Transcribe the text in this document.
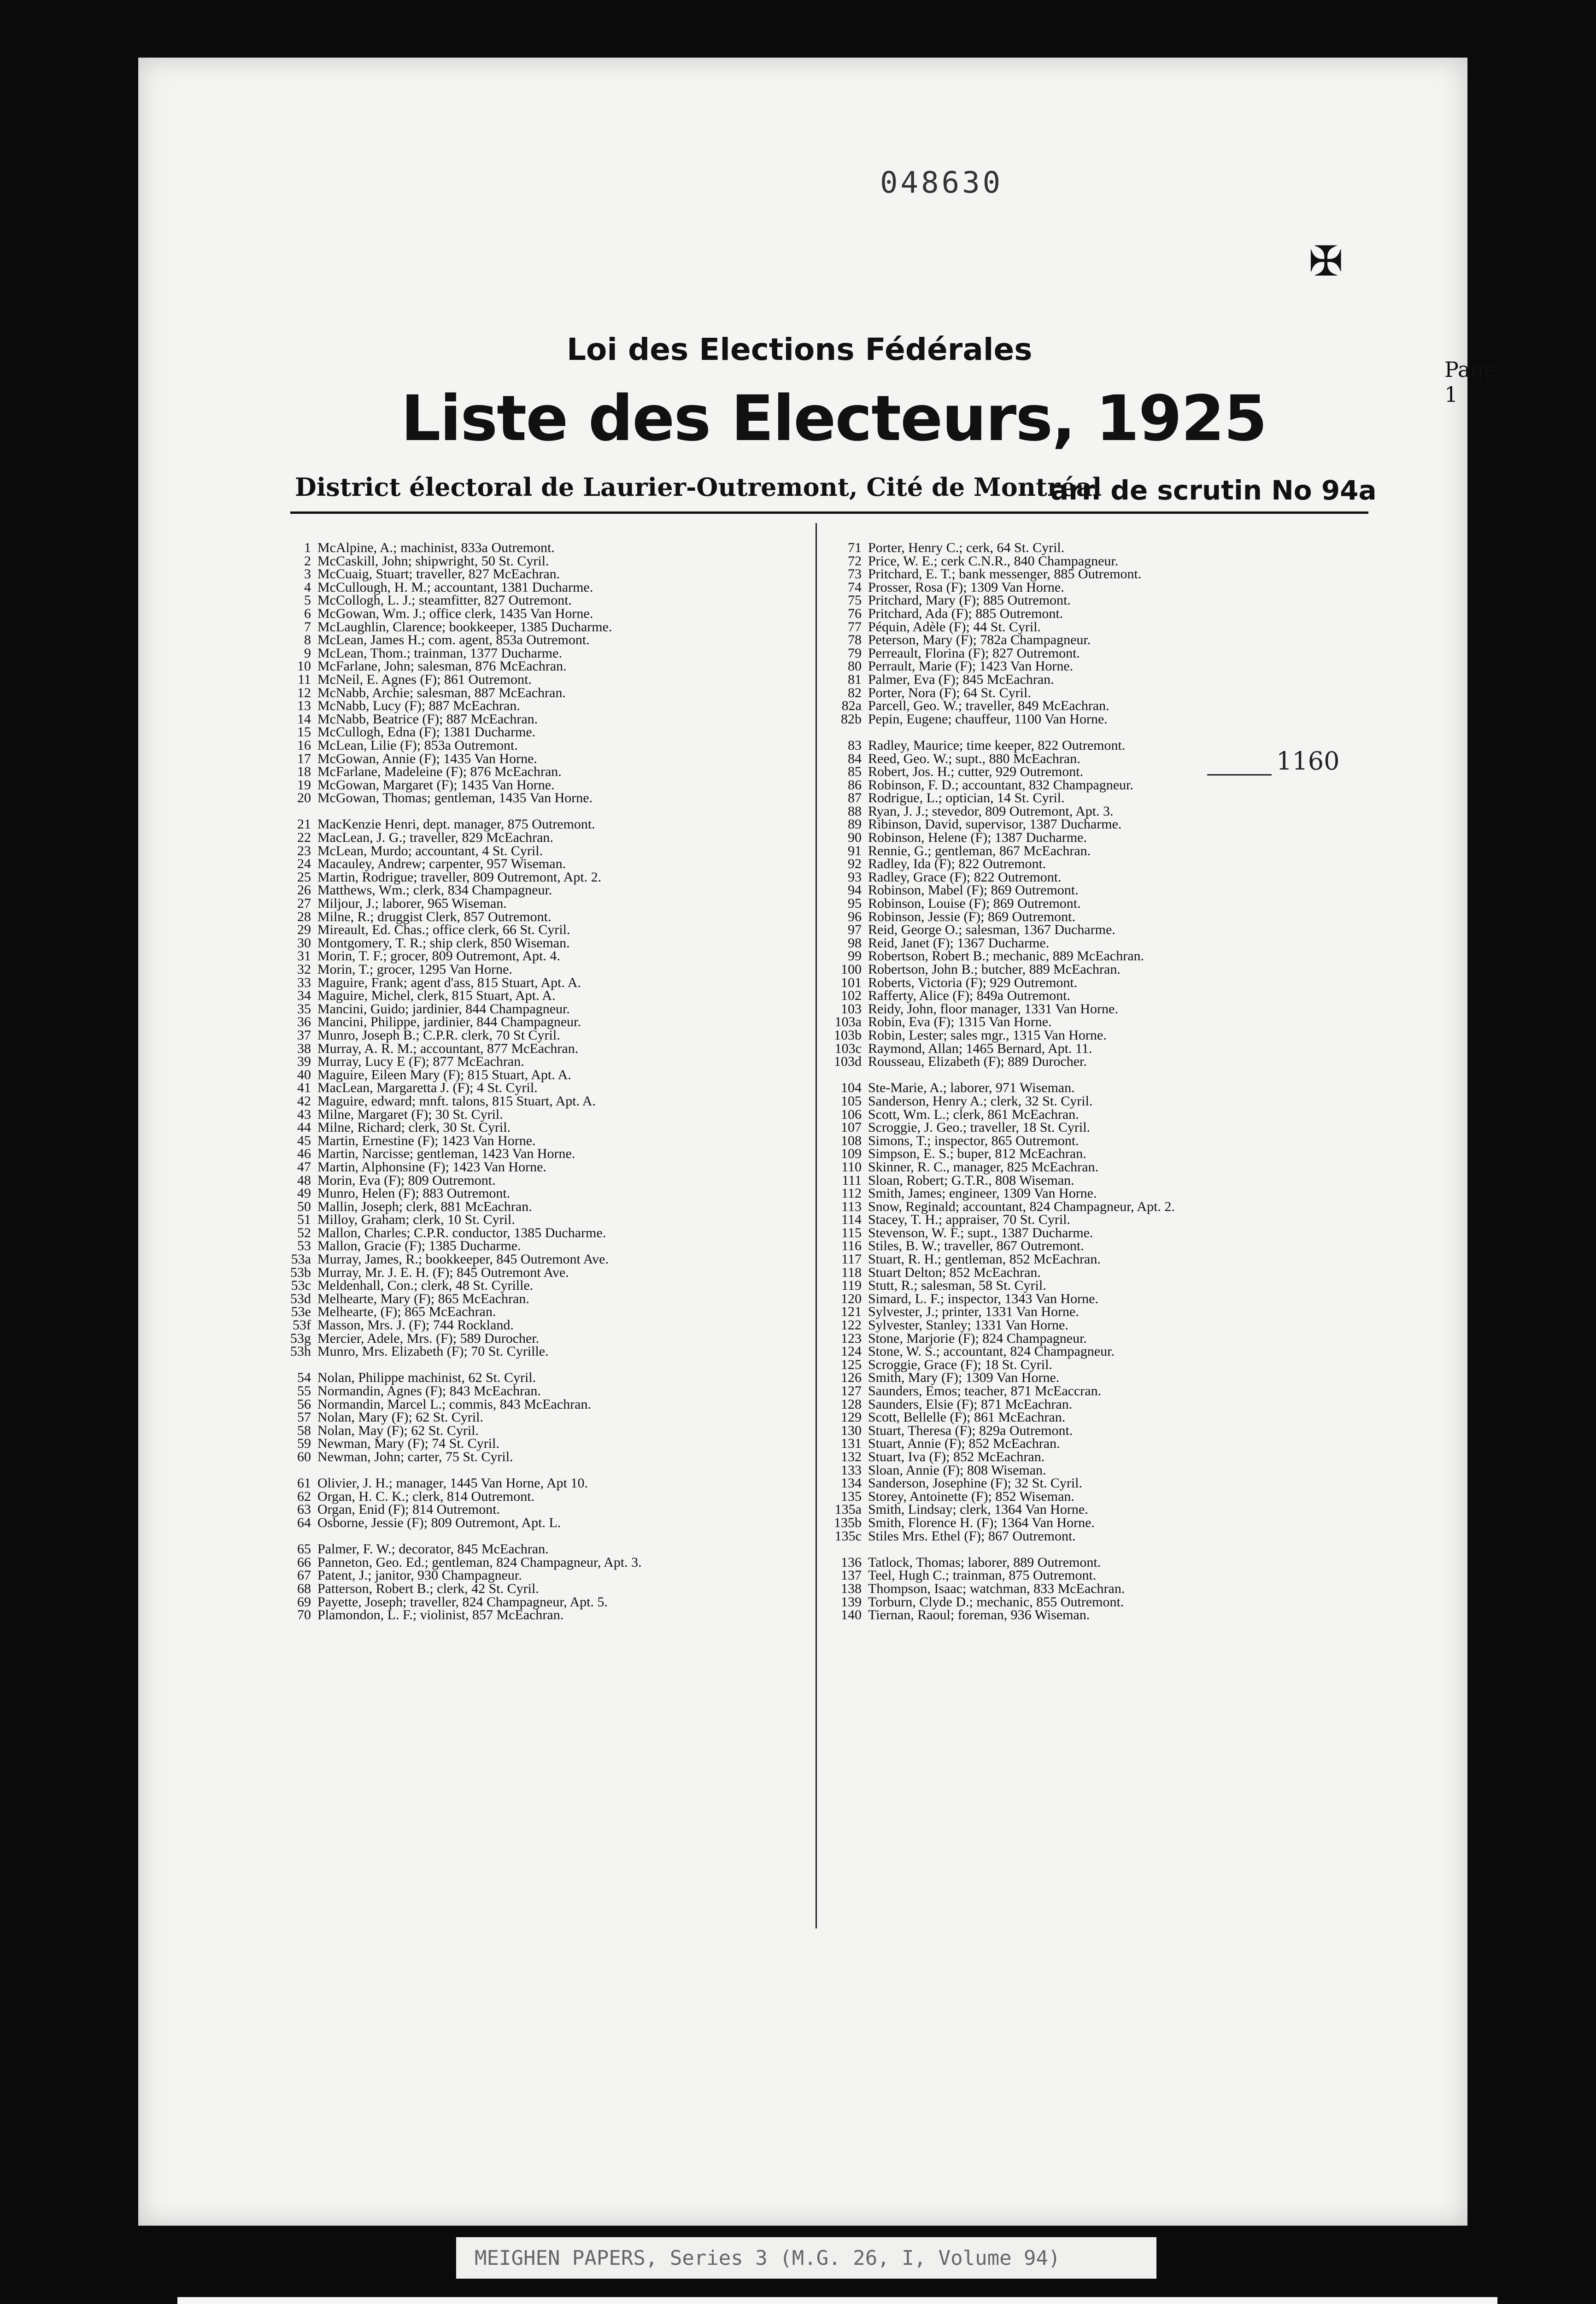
048630
✠
Page 1
Loi des Elections Fédérales
Liste des Electeurs, 1925
District électoral de Laurier-Outremont, Cité de Montréal
arr. de scrutin No 94a
1 McAlpine, A.; machinist, 833a Outremont.
2 McCaskill, John; shipwright, 50 St. Cyril.
3 McCuaig, Stuart; traveller, 827 McEachran.
4 McCullough, H. M.; accountant, 1381 Ducharme.
5 McCollogh, L. J.; steamfitter, 827 Outremont.
6 McGowan, Wm. J.; office clerk, 1435 Van Horne.
7 McLaughlin, Clarence; bookkeeper, 1385 Ducharme.
8 McLean, James H.; com. agent, 853a Outremont.
9 McLean, Thom.; trainman, 1377 Ducharme.
10 McFarlane, John; salesman, 876 McEachran.
11 McNeil, E. Agnes (F); 861 Outremont.
12 McNabb, Archie; salesman, 887 McEachran.
13 McNabb, Lucy (F); 887 McEachran.
14 McNabb, Beatrice (F); 887 McEachran.
15 McCullogh, Edna (F); 1381 Ducharme.
16 McLean, Lilie (F); 853a Outremont.
17 McGowan, Annie (F); 1435 Van Horne.
18 McFarlane, Madeleine (F); 876 McEachran.
19 McGowan, Margaret (F); 1435 Van Horne.
20 McGowan, Thomas; gentleman, 1435 Van Horne.
21 MacKenzie Henri, dept. manager, 875 Outremont.
22 MacLean, J. G.; traveller, 829 McEachran.
23 McLean, Murdo; accountant, 4 St. Cyril.
24 Macauley, Andrew; carpenter, 957 Wiseman.
25 Martin, Rodrigue; traveller, 809 Outremont, Apt. 2.
26 Matthews, Wm.; clerk, 834 Champagneur.
27 Miljour, J.; laborer, 965 Wiseman.
28 Milne, R.; druggist Clerk, 857 Outremont.
29 Mireault, Ed. Chas.; office clerk, 66 St. Cyril.
30 Montgomery, T. R.; ship clerk, 850 Wiseman.
31 Morin, T. F.; grocer, 809 Outremont, Apt. 4.
32 Morin, T.; grocer, 1295 Van Horne.
33 Maguire, Frank; agent d'ass, 815 Stuart, Apt. A.
34 Maguire, Michel, clerk, 815 Stuart, Apt. A.
35 Mancini, Guido; jardinier, 844 Champagneur.
36 Mancini, Philippe, jardinier, 844 Champagneur.
37 Munro, Joseph B.; C.P.R. clerk, 70 St Cyril.
38 Murray, A. R. M.; accountant, 877 McEachran.
39 Murray, Lucy E (F); 877 McEachran.
40 Maguire, Eileen Mary (F); 815 Stuart, Apt. A.
41 MacLean, Margaretta J. (F); 4 St. Cyril.
42 Maguire, edward; mnft. talons, 815 Stuart, Apt. A.
43 Milne, Margaret (F); 30 St. Cyril.
44 Milne, Richard; clerk, 30 St. Cyril.
45 Martin, Ernestine (F); 1423 Van Horne.
46 Martin, Narcisse; gentleman, 1423 Van Horne.
47 Martin, Alphonsine (F); 1423 Van Horne.
48 Morin, Eva (F); 809 Outremont.
49 Munro, Helen (F); 883 Outremont.
50 Mallin, Joseph; clerk, 881 McEachran.
51 Milloy, Graham; clerk, 10 St. Cyril.
52 Mallon, Charles; C.P.R. conductor, 1385 Ducharme.
53 Mallon, Gracie (F); 1385 Ducharme.
53a Murray, James, R.; bookkeeper, 845 Outremont Ave.
53b Murray, Mr. J. E. H. (F); 845 Outremont Ave.
53c Meldenhall, Con.; clerk, 48 St. Cyrille.
53d Melhearte, Mary (F); 865 McEachran.
53e Melhearte, (F); 865 McEachran.
53f Masson, Mrs. J. (F); 744 Rockland.
53g Mercier, Adele, Mrs. (F); 589 Durocher.
53h Munro, Mrs. Elizabeth (F); 70 St. Cyrille.
54 Nolan, Philippe machinist, 62 St. Cyril.
55 Normandin, Agnes (F); 843 McEachran.
56 Normandin, Marcel L.; commis, 843 McEachran.
57 Nolan, Mary (F); 62 St. Cyril.
58 Nolan, May (F); 62 St. Cyril.
59 Newman, Mary (F); 74 St. Cyril.
60 Newman, John; carter, 75 St. Cyril.
61 Olivier, J. H.; manager, 1445 Van Horne, Apt 10.
62 Organ, H. C. K.; clerk, 814 Outremont.
63 Organ, Enid (F); 814 Outremont.
64 Osborne, Jessie (F); 809 Outremont, Apt. L.
65 Palmer, F. W.; decorator, 845 McEachran.
66 Panneton, Geo. Ed.; gentleman, 824 Champagneur, Apt. 3.
67 Patent, J.; janitor, 930 Champagneur.
68 Patterson, Robert B.; clerk, 42 St. Cyril.
69 Payette, Joseph; traveller, 824 Champagneur, Apt. 5.
70 Plamondon, L. F.; violinist, 857 McEachran.
71 Porter, Henry C.; cerk, 64 St. Cyril.
72 Price, W. E.; cerk C.N.R., 840 Champagneur.
73 Pritchard, E. T.; bank messenger, 885 Outremont.
74 Prosser, Rosa (F); 1309 Van Horne.
75 Pritchard, Mary (F); 885 Outremont.
76 Pritchard, Ada (F); 885 Outremont.
77 Péquin, Adèle (F); 44 St. Cyril.
78 Peterson, Mary (F); 782a Champagneur.
79 Perreault, Florina (F); 827 Outremont.
80 Perrault, Marie (F); 1423 Van Horne.
81 Palmer, Eva (F); 845 McEachran.
82 Porter, Nora (F); 64 St. Cyril.
82a Parcell, Geo. W.; traveller, 849 McEachran.
82b Pepin, Eugene; chauffeur, 1100 Van Horne.
83 Radley, Maurice; time keeper, 822 Outremont.
84 Reed, Geo. W.; supt., 880 McEachran.
85 Robert, Jos. H.; cutter, 929 Outremont.
86 Robinson, F. D.; accountant, 832 Champagneur.
87 Rodrigue, L.; optician, 14 St. Cyril.
88 Ryan, J. J.; stevedor, 809 Outremont, Apt. 3.
89 Ribinson, David, supervisor, 1387 Ducharme.
90 Robinson, Helene (F); 1387 Ducharme.
91 Rennie, G.; gentleman, 867 McEachran.
92 Radley, Ida (F); 822 Outremont.
93 Radley, Grace (F); 822 Outremont.
94 Robinson, Mabel (F); 869 Outremont.
95 Robinson, Louise (F); 869 Outremont.
96 Robinson, Jessie (F); 869 Outremont.
97 Reid, George O.; salesman, 1367 Ducharme.
98 Reid, Janet (F); 1367 Ducharme.
99 Robertson, Robert B.; mechanic, 889 McEachran.
100 Robertson, John B.; butcher, 889 McEachran.
101 Roberts, Victoria (F); 929 Outremont.
102 Rafferty, Alice (F); 849a Outremont.
103 Reidy, John, floor manager, 1331 Van Horne.
103a Robin, Eva (F); 1315 Van Horne.
103b Robin, Lester; sales mgr., 1315 Van Horne.
103c Raymond, Allan; 1465 Bernard, Apt. 11.
103d Rousseau, Elizabeth (F); 889 Durocher.
104 Ste-Marie, A.; laborer, 971 Wiseman.
105 Sanderson, Henry A.; clerk, 32 St. Cyril.
106 Scott, Wm. L.; clerk, 861 McEachran.
107 Scroggie, J. Geo.; traveller, 18 St. Cyril.
108 Simons, T.; inspector, 865 Outremont.
109 Simpson, E. S.; buper, 812 McEachran.
110 Skinner, R. C., manager, 825 McEachran.
111 Sloan, Robert; G.T.R., 808 Wiseman.
112 Smith, James; engineer, 1309 Van Horne.
113 Snow, Reginald; accountant, 824 Champagneur, Apt. 2.
114 Stacey, T. H.; appraiser, 70 St. Cyril.
115 Stevenson, W. F.; supt., 1387 Ducharme.
116 Stiles, B. W.; traveller, 867 Outremont.
117 Stuart, R. H.; gentleman, 852 McEachran.
118 Stuart Delton; 852 McEachran.
119 Stutt, R.; salesman, 58 St. Cyril.
120 Simard, L. F.; inspector, 1343 Van Horne.
121 Sylvester, J.; printer, 1331 Van Horne.
122 Sylvester, Stanley; 1331 Van Horne.
123 Stone, Marjorie (F); 824 Champagneur.
124 Stone, W. S.; accountant, 824 Champagneur.
125 Scroggie, Grace (F); 18 St. Cyril.
126 Smith, Mary (F); 1309 Van Horne.
127 Saunders, Emos; teacher, 871 McEaccran.
128 Saunders, Elsie (F); 871 McEachran.
129 Scott, Bellelle (F); 861 McEachran.
130 Stuart, Theresa (F); 829a Outremont.
131 Stuart, Annie (F); 852 McEachran.
132 Stuart, Iva (F); 852 McEachran.
133 Sloan, Annie (F); 808 Wiseman.
134 Sanderson, Josephine (F); 32 St. Cyril.
135 Storey, Antoinette (F); 852 Wiseman.
135a Smith, Lindsay; clerk, 1364 Van Horne.
135b Smith, Florence H. (F); 1364 Van Horne.
135c Stiles Mrs. Ethel (F); 867 Outremont.
136 Tatlock, Thomas; laborer, 889 Outremont.
137 Teel, Hugh C.; trainman, 875 Outremont.
138 Thompson, Isaac; watchman, 833 McEachran.
139 Torburn, Clyde D.; mechanic, 855 Outremont.
140 Tiernan, Raoul; foreman, 936 Wiseman.
1160
MEIGHEN PAPERS, Series 3 (M.G. 26, I, Volume 94)
